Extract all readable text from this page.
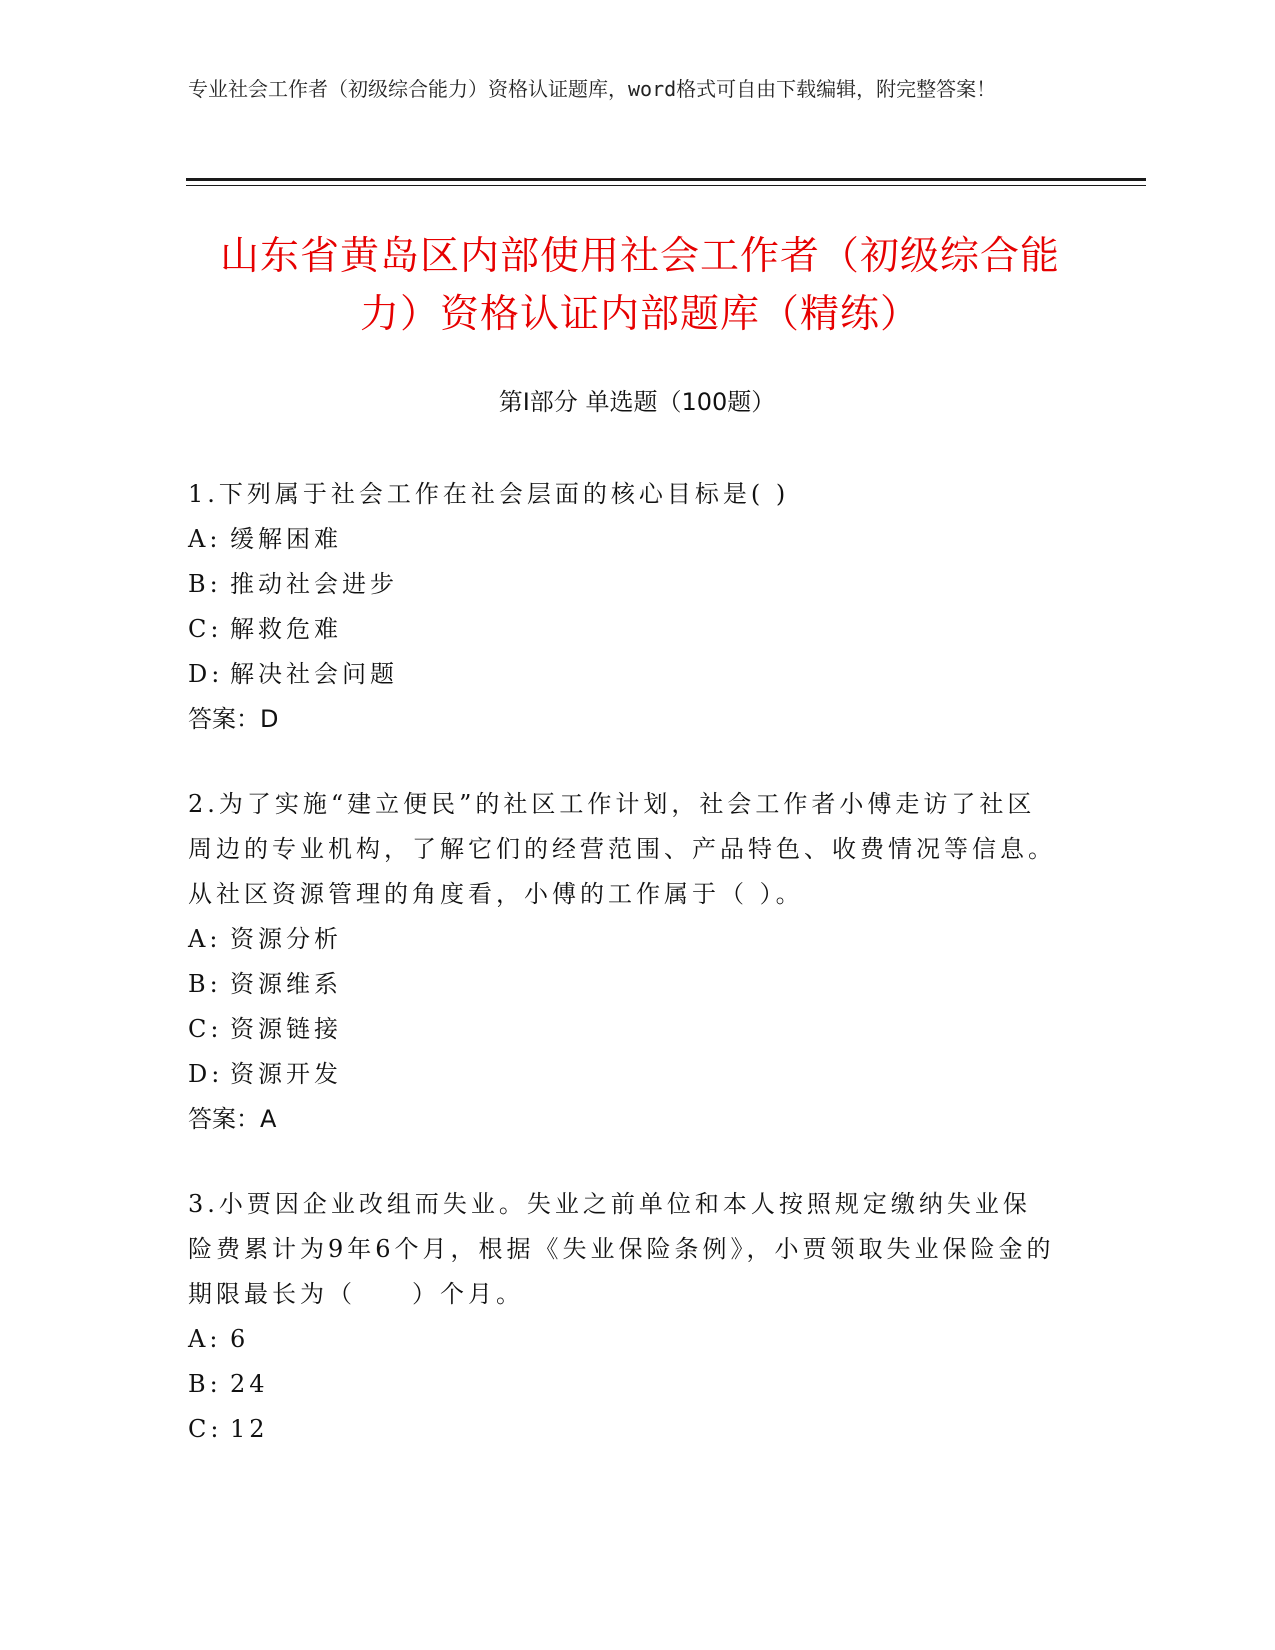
专业社会工作者（初级综合能力）资格认证题库，word格式可自由下载编辑，附完整答案！
山东省黄岛区内部使用社会工作者（初级综合能力）资格认证内部题库（精练）
第Ⅰ部分 单选题（100题）

1.下列属于社会工作在社会层面的核心目标是( )

A: 缓解困难
B: 推动社会进步
C: 解救危难
D: 解决社会问题
答案：D

2.为了实施“建立便民”的社区工作计划，社会工作者小傅走访了社区周边的专业机构，了解它们的经营范围、产品特色、收费情况等信息。从社区资源管理的角度看，小傅的工作属于（ ）。

A: 资源分析
B: 资源维系
C: 资源链接
D: 资源开发
答案：A

3.小贾因企业改组而失业。失业之前单位和本人按照规定缴纳失业保险费累计为9年6个月，根据《失业保险条例》，小贾领取失业保险金的期限最长为（　　）个月。

A: 6
B: 24
C: 12
